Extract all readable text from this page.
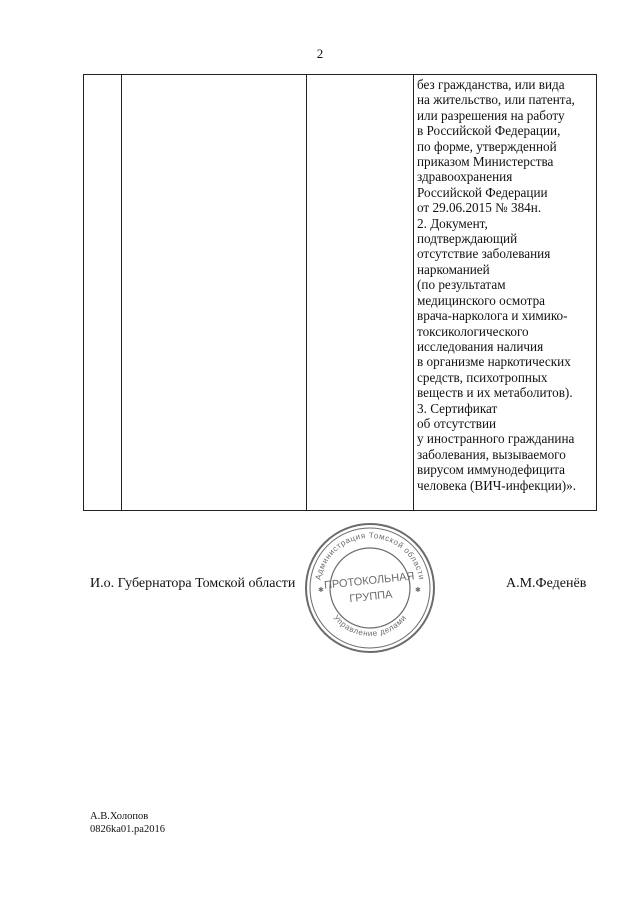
2
без гражданства, или вида
на жительство, или патента,
или разрешения на работу
в Российской Федерации,
по форме, утвержденной
приказом Министерства
здравоохранения
Российской Федерации
от 29.06.2015 № 384н.
2. Документ,
подтверждающий
отсутствие заболевания
наркоманией
(по результатам
медицинского осмотра
врача-нарколога и химико-
токсикологического
исследования наличия
в организме наркотических
средств, психотропных
веществ и их метаболитов).
3. Сертификат
об отсутствии
у иностранного гражданина
заболевания, вызываемого
вирусом иммунодефицита
человека (ВИЧ-инфекции)».
И.о. Губернатора Томской области	А.М.Феденёв
Администрация Томской области
Управление делами
ПРОТОКОЛЬНАЯ
ГРУППА
✱	✱
А.В.Холопов
0826ka01.pa2016
